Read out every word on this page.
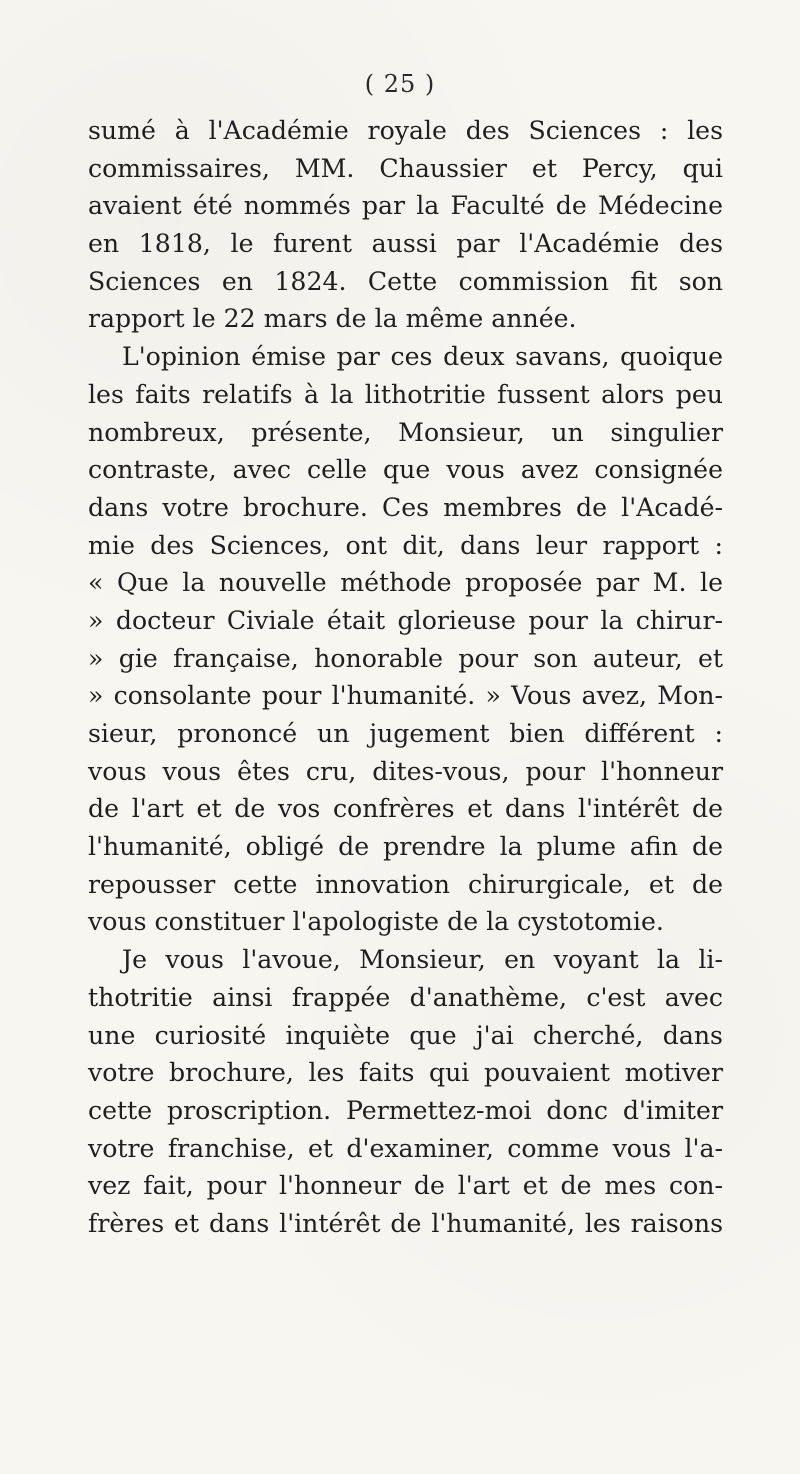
( 25 )
sumé à l'Académie royale des Sciences : les
commissaires, MM. Chaussier et Percy, qui
avaient été nommés par la Faculté de Médecine
en 1818, le furent aussi par l'Académie des
Sciences en 1824. Cette commission fit son
rapport le 22 mars de la même année.
L'opinion émise par ces deux savans, quoique
les faits relatifs à la lithotritie fussent alors peu
nombreux, présente, Monsieur, un singulier
contraste, avec celle que vous avez consignée
dans votre brochure. Ces membres de l'Acadé-
mie des Sciences, ont dit, dans leur rapport :
« Que la nouvelle méthode proposée par M. le
» docteur Civiale était glorieuse pour la chirur-
» gie française, honorable pour son auteur, et
» consolante pour l'humanité. » Vous avez, Mon-
sieur, prononcé un jugement bien différent :
vous vous êtes cru, dites-vous, pour l'honneur
de l'art et de vos confrères et dans l'intérêt de
l'humanité, obligé de prendre la plume afin de
repousser cette innovation chirurgicale, et de
vous constituer l'apologiste de la cystotomie.
Je vous l'avoue, Monsieur, en voyant la li-
thotritie ainsi frappée d'anathème, c'est avec
une curiosité inquiète que j'ai cherché, dans
votre brochure, les faits qui pouvaient motiver
cette proscription. Permettez-moi donc d'imiter
votre franchise, et d'examiner, comme vous l'a-
vez fait, pour l'honneur de l'art et de mes con-
frères et dans l'intérêt de l'humanité, les raisons
